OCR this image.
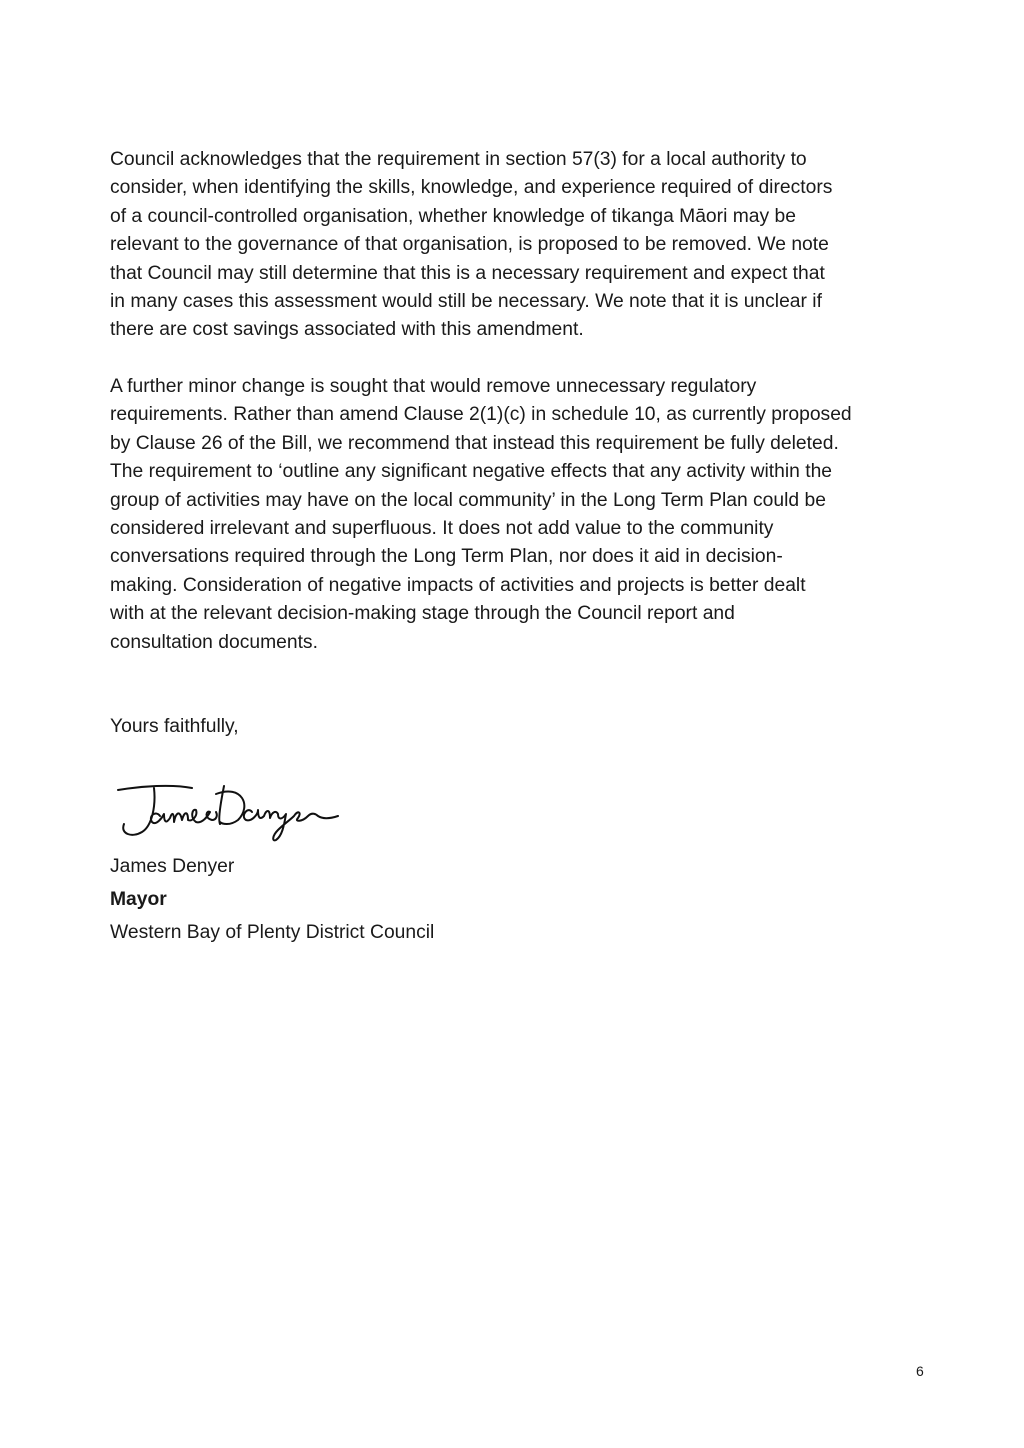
Council acknowledges that the requirement in section 57(3) for a local authority to
consider, when identifying the skills, knowledge, and experience required of directors
of a council-controlled organisation, whether knowledge of tikanga Māori may be
relevant to the governance of that organisation, is proposed to be removed. We note
that Council may still determine that this is a necessary requirement and expect that
in many cases this assessment would still be necessary. We note that it is unclear if
there are cost savings associated with this amendment.
A further minor change is sought that would remove unnecessary regulatory
requirements. Rather than amend Clause 2(1)(c) in schedule 10, as currently proposed
by Clause 26 of the Bill, we recommend that instead this requirement be fully deleted.
The requirement to ‘outline any significant negative effects that any activity within the
group of activities may have on the local community’ in the Long Term Plan could be
considered irrelevant and superfluous. It does not add value to the community
conversations required through the Long Term Plan, nor does it aid in decision-
making. Consideration of negative impacts of activities and projects is better dealt
with at the relevant decision-making stage through the Council report and
consultation documents.
Yours faithfully,
James Denyer
Mayor
Western Bay of Plenty District Council
6
